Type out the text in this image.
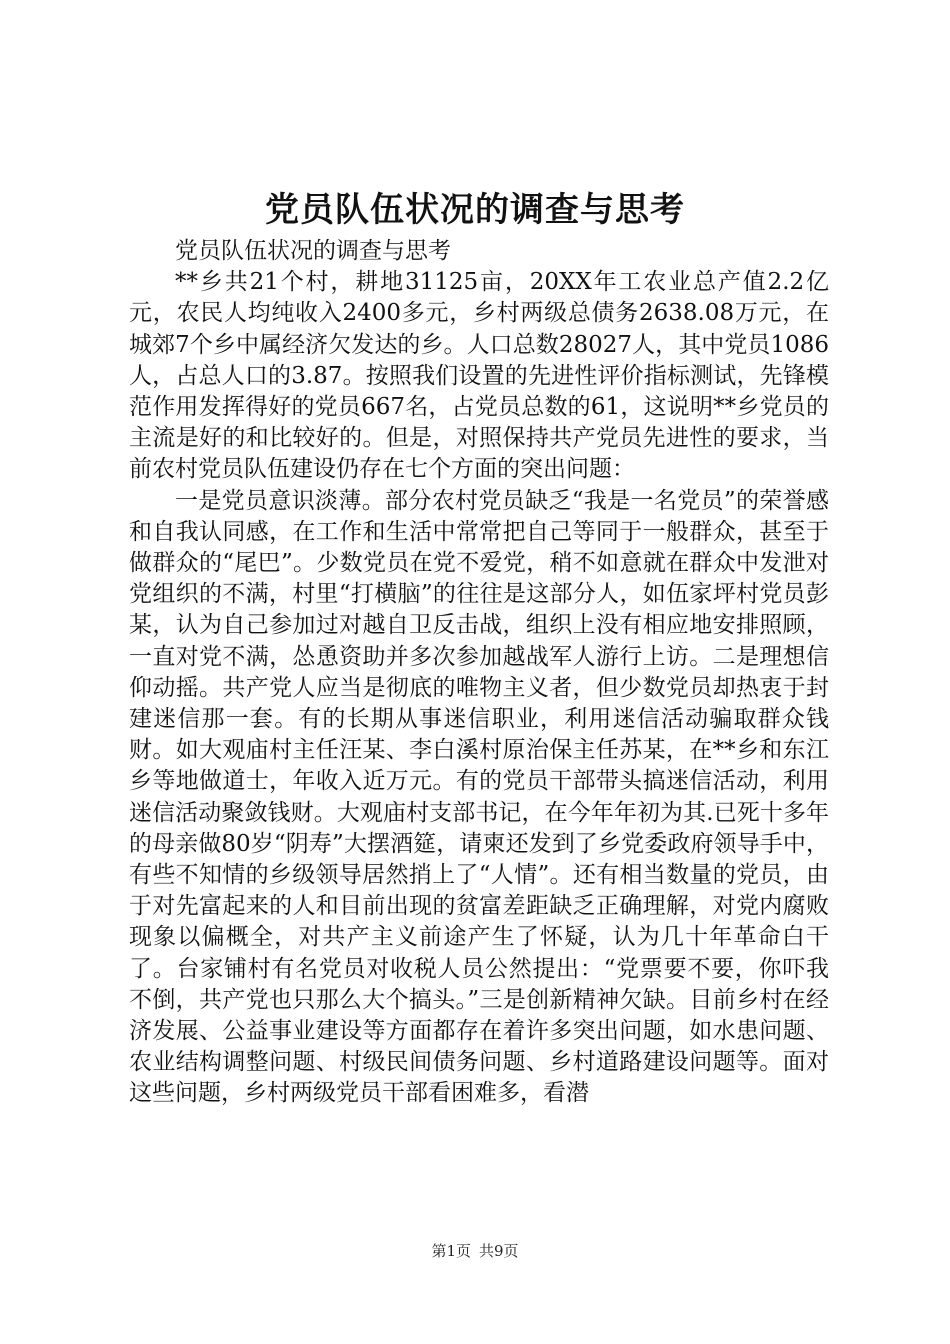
党员队伍状况的调查与思考

党员队伍状况的调查与思考

**乡共21个村，耕地31125亩，20XX年工农业总产值2.2亿元，农民人均纯收入2400多元，乡村两级总债务2638.08万元，在城郊7个乡中属经济欠发达的乡。人口总数28027人，其中党员1086人，占总人口的3.87。按照我们设置的先进性评价指标测试，先锋模范作用发挥得好的党员667名，占党员总数的61，这说明**乡党员的主流是好的和比较好的。但是，对照保持共产党员先进性的要求，当前农村党员队伍建设仍存在七个方面的突出问题：

一是党员意识淡薄。部分农村党员缺乏“我是一名党员”的荣誉感和自我认同感，在工作和生活中常常把自己等同于一般群众，甚至于做群众的“尾巴”。少数党员在党不爱党，稍不如意就在群众中发泄对党组织的不满，村里“打横脑”的往往是这部分人，如伍家坪村党员彭某，认为自己参加过对越自卫反击战，组织上没有相应地安排照顾，一直对党不满，怂恿资助并多次参加越战军人游行上访。二是理想信仰动摇。共产党人应当是彻底的唯物主义者，但少数党员却热衷于封建迷信那一套。有的长期从事迷信职业，利用迷信活动骗取群众钱财。如大观庙村主任汪某、李白溪村原治保主任苏某，在**乡和东江乡等地做道士，年收入近万元。有的党员干部带头搞迷信活动，利用迷信活动聚敛钱财。大观庙村支部书记，在今年年初为其.已死十多年的母亲做80岁“阴寿”大摆酒筵，请柬还发到了乡党委政府领导手中，有些不知情的乡级领导居然捎上了“人情”。还有相当数量的党员，由于对先富起来的人和目前出现的贫富差距缺乏正确理解，对党内腐败现象以偏概全，对共产主义前途产生了怀疑，认为几十年革命白干了。台家铺村有名党员对收税人员公然提出：“党票要不要，你吓我不倒，共产党也只那么大个搞头。”三是创新精神欠缺。目前乡村在经济发展、公益事业建设等方面都存在着许多突出问题，如水患问题、农业结构调整问题、村级民间债务问题、乡村道路建设问题等。面对这些问题，乡村两级党员干部看困难多，看潜

第1页 共9页
